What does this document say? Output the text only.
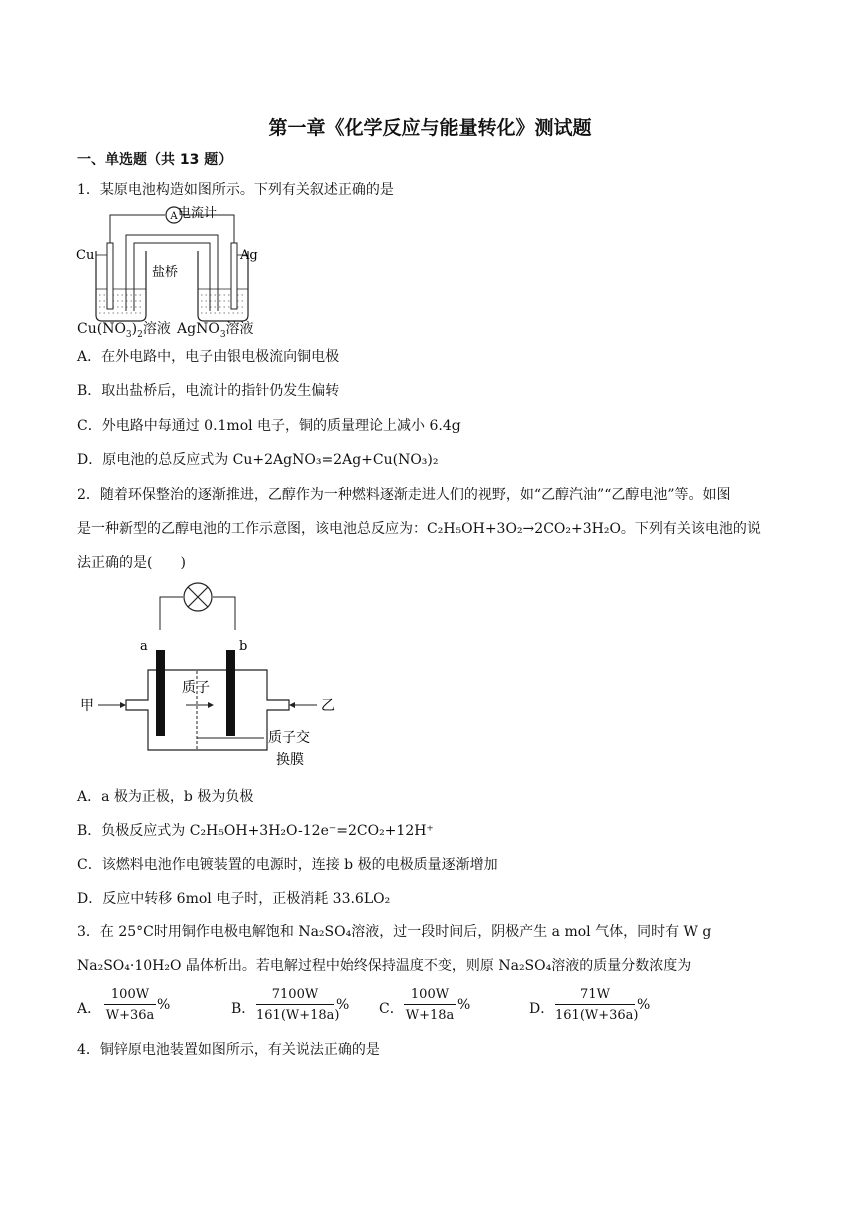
第一章《化学反应与能量转化》测试题
一、单选题（共 13 题）
1．某原电池构造如图所示。下列有关叙述正确的是
A 电流计
盐桥
Cu	Ag
$Cu(NO_3)_2$溶液 AgNO$_3$溶液
A．在外电路中，电子由银电极流向铜电极
B．取出盐桥后，电流计的指针仍发生偏转
C．外电路中每通过 0.1mol 电子，铜的质量理论上减小 6.4g
D．原电池的总反应式为 Cu+2AgNO₃=2Ag+Cu(NO₃)₂
2．随着环保整治的逐渐推进，乙醇作为一种燃料逐渐走进人们的视野，如“乙醇汽油”“乙醇电池”等。如图
是一种新型的乙醇电池的工作示意图，该电池总反应为：C₂H₅OH+3O₂→2CO₂+3H₂O。下列有关该电池的说
法正确的是(　　)
a	b
甲	乙
质子
质子交
换膜
A．a 极为正极，b 极为负极
B．负极反应式为 C₂H₅OH+3H₂O-12e⁻=2CO₂+12H⁺
C．该燃料电池作电镀装置的电源时，连接 b 极的电极质量逐渐增加
D．反应中转移 6mol 电子时，正极消耗 33.6LO₂
3．在 25°C时用铜作电极电解饱和 Na₂SO₄溶液，过一段时间后，阴极产生 a mol 气体，同时有 W g
Na₂SO₄·10H₂O 晶体析出。若电解过程中始终保持温度不变，则原 Na₂SO₄溶液的质量分数浓度为
A． $\frac{100W}{W+36a}$ %	B． $\frac{7100W}{161(W+18a)}$ % C． $\frac{100W}{W+18a}$ %	D． $\frac{71W}{161(W+36a)}$ %
4．铜锌原电池装置如图所示，有关说法正确的是
